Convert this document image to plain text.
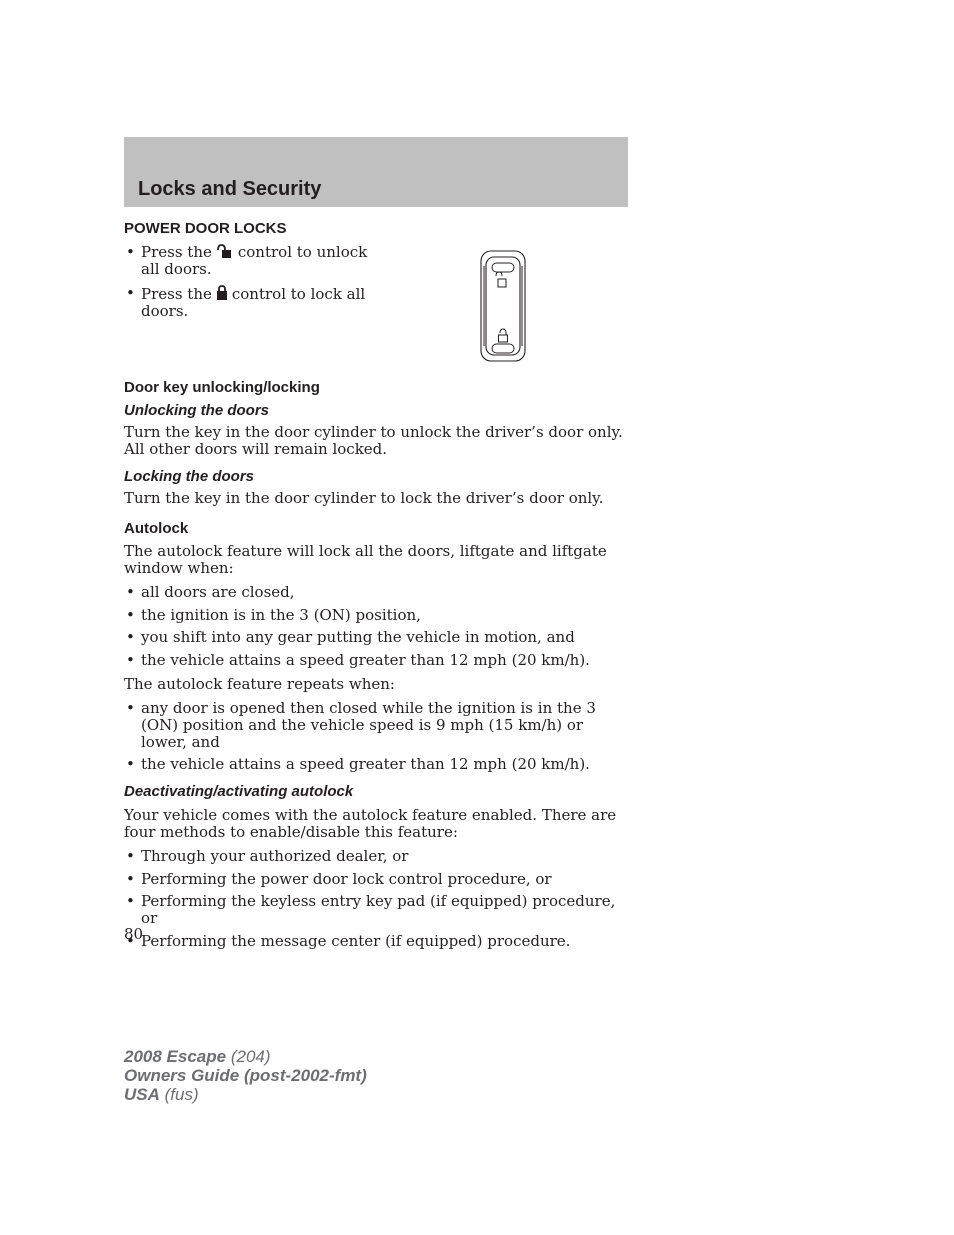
Locks and Security
POWER DOOR LOCKS
• Press the control to unlock all doors.
• Press the control to lock all doors.
Door key unlocking/locking
Unlocking the doors

Turn the key in the door cylinder to unlock the driver’s door only. All other doors will remain locked.

Locking the doors

Turn the key in the door cylinder to lock the driver’s door only.

Autolock

The autolock feature will lock all the doors, liftgate and liftgate window when:

• all doors are closed,
• the ignition is in the 3 (ON) position,
• you shift into any gear putting the vehicle in motion, and
• the vehicle attains a speed greater than 12 mph (20 km/h).

The autolock feature repeats when:

• any door is opened then closed while the ignition is in the 3 (ON) position and the vehicle speed is 9 mph (15 km/h) or lower, and
• the vehicle attains a speed greater than 12 mph (20 km/h).
Deactivating/activating autolock

Your vehicle comes with the autolock feature enabled. There are four methods to enable/disable this feature:

• Through your authorized dealer, or
• Performing the power door lock control procedure, or
• Performing the keyless entry key pad (if equipped) procedure, or
• Performing the message center (if equipped) procedure.

80

2008 Escape (204)
Owners Guide (post-2002-fmt)
USA (fus)
